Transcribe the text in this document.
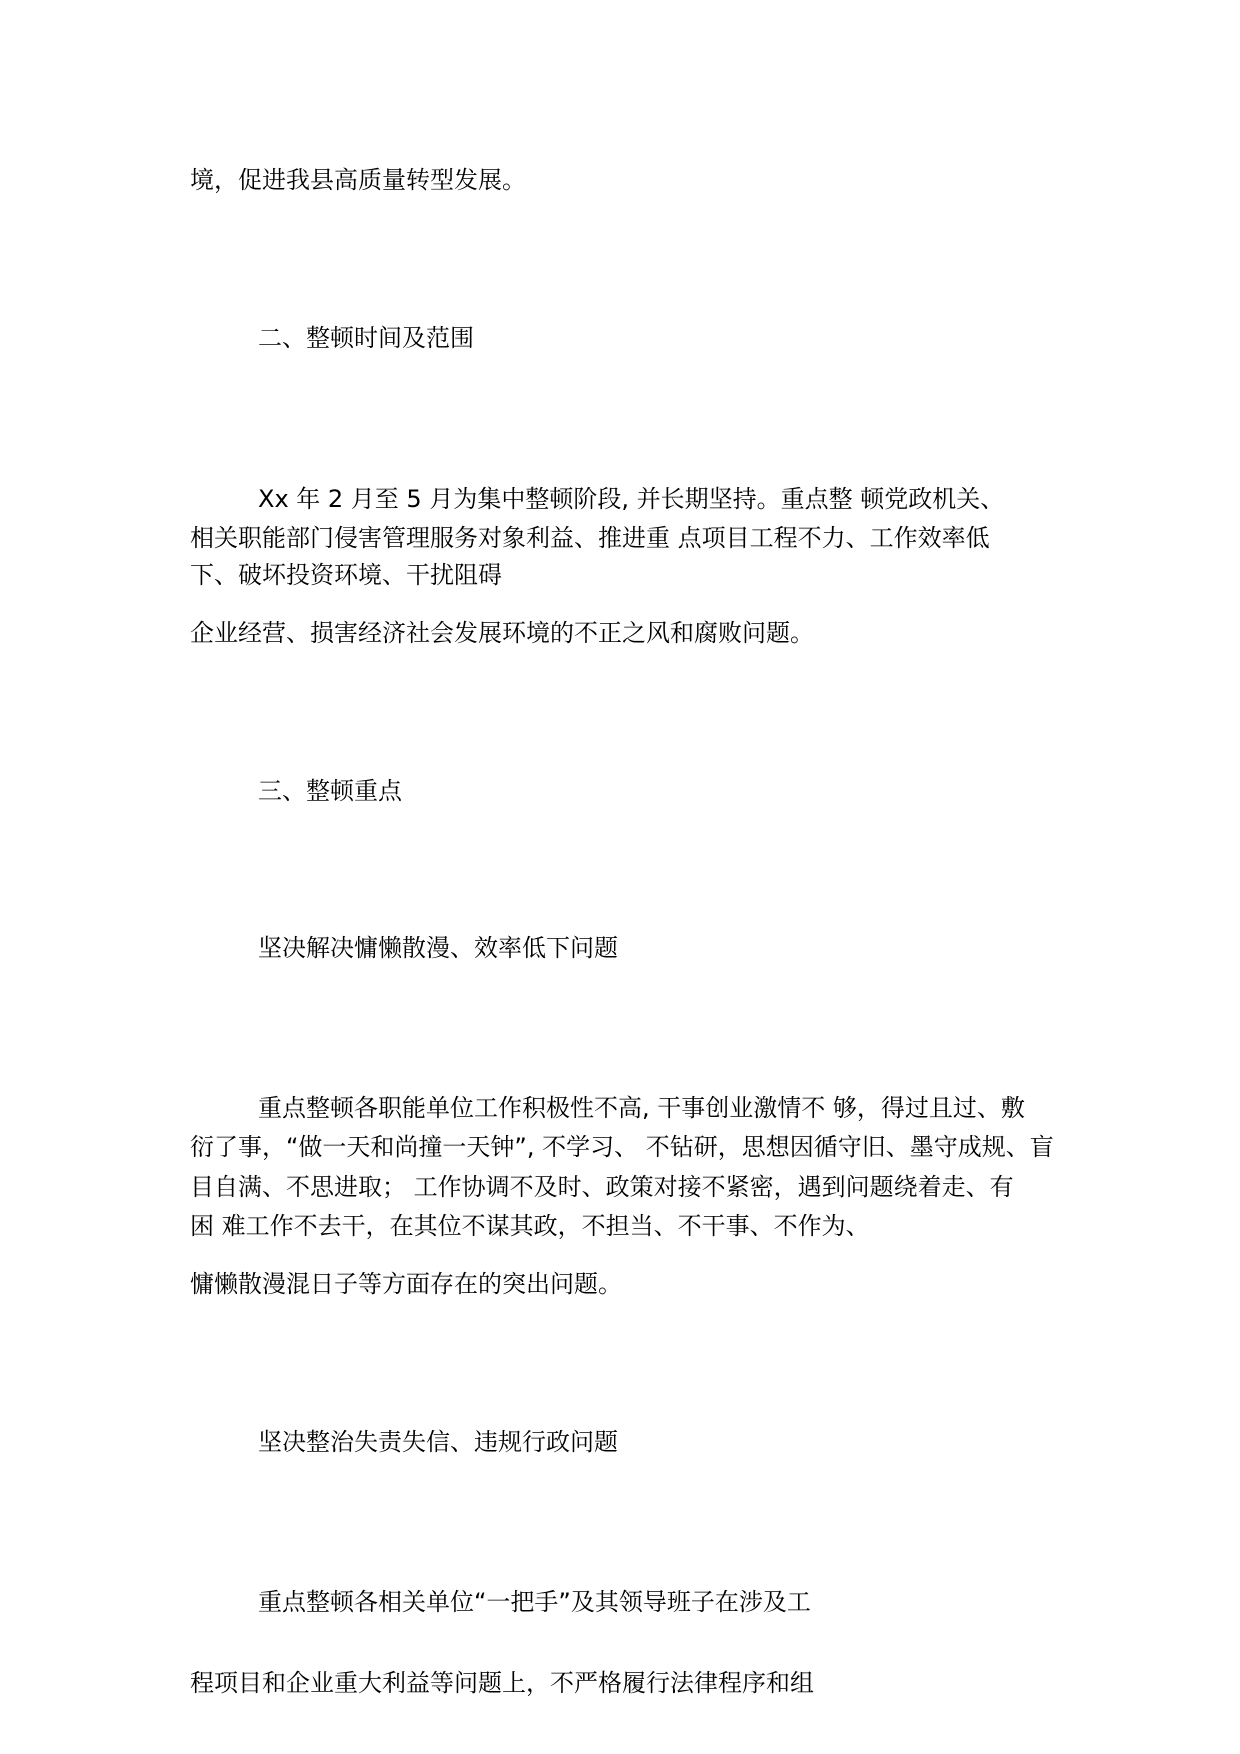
境，促进我县高质量转型发展。

二、整顿时间及范围

Xx 年 2 月至 5 月为集中整顿阶段, 并长期坚持。重点整 顿党政机关、

相关职能部门侵害管理服务对象利益、推进重 点项目工程不力、工作效率低

下、破坏投资环境、干扰阻碍

企业经营、损害经济社会发展环境的不正之风和腐败问题。

三、整顿重点

坚决解决慵懒散漫、效率低下问题

重点整顿各职能单位工作积极性不高, 干事创业激情不 够，得过且过、敷

衍了事，“做一天和尚撞一天钟”, 不学习、 不钻研，思想因循守旧、墨守成规、盲

目自满、不思进取； 工作协调不及时、政策对接不紧密，遇到问题绕着走、有

困 难工作不去干，在其位不谋其政，不担当、不干事、不作为、

慵懒散漫混日子等方面存在的突出问题。

坚决整治失责失信、违规行政问题

重点整顿各相关单位“一把手”及其领导班子在涉及工

程项目和企业重大利益等问题上，不严格履行法律程序和组
